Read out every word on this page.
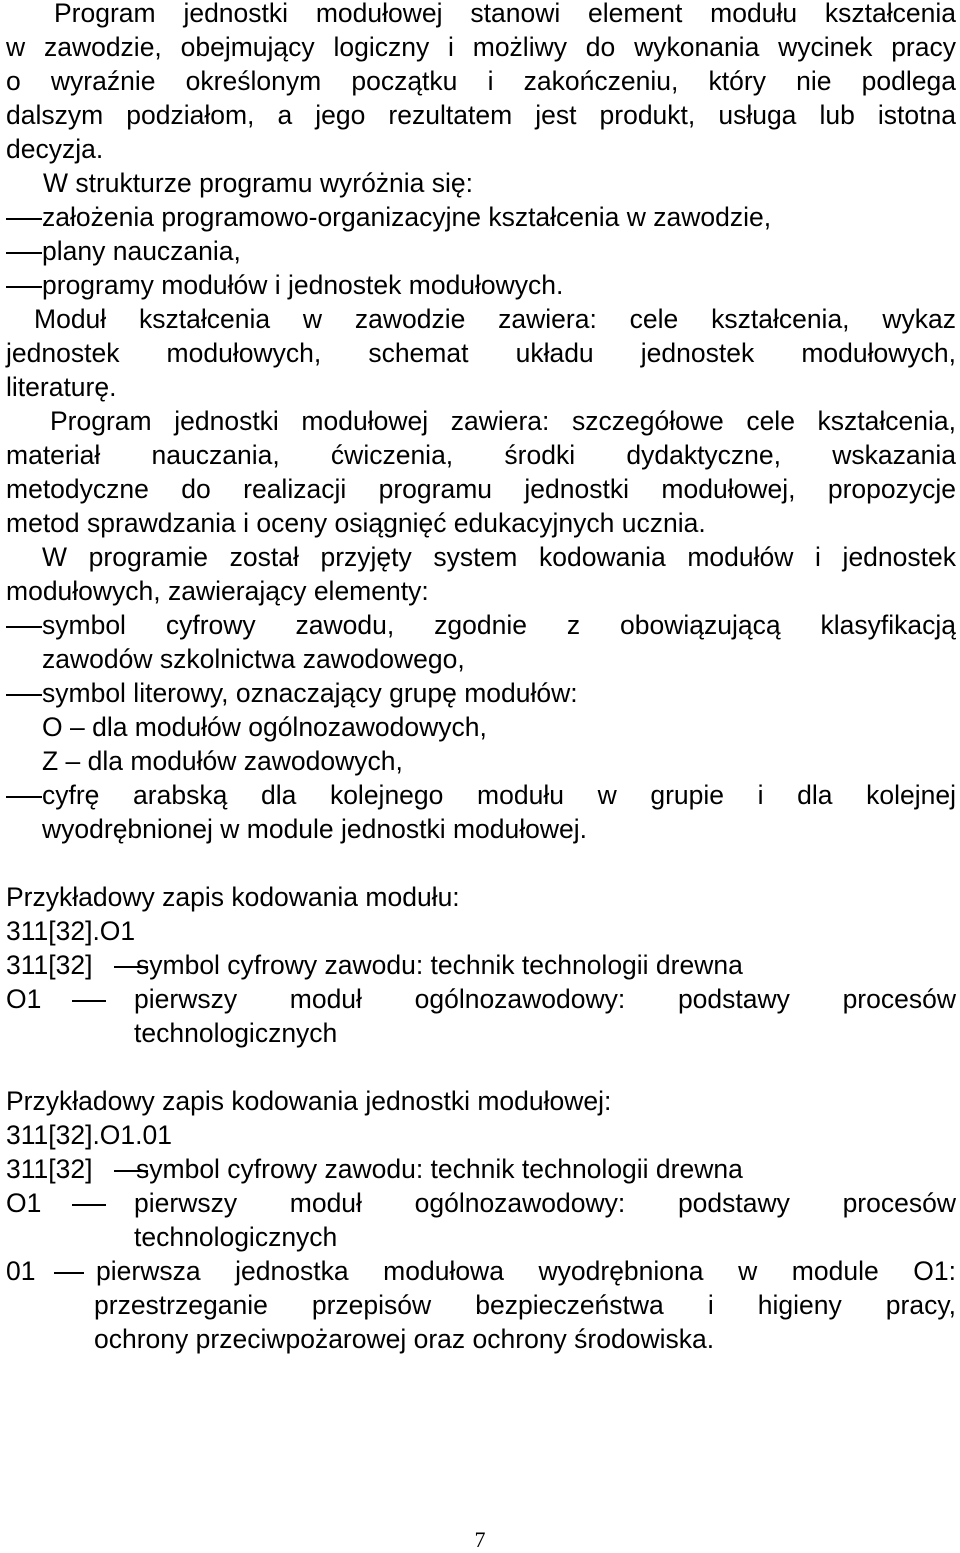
Program jednostki modułowej stanowi element modułu kształcenia
w zawodzie, obejmujący logiczny i możliwy do wykonania wycinek pracy
o wyraźnie określonym początku i zakończeniu, który nie podlega
dalszym podziałom, a jego rezultatem jest produkt, usługa lub istotna
decyzja.
W strukturze programu wyróżnia się:
założenia programowo-organizacyjne kształcenia w zawodzie,
plany nauczania,
programy modułów i jednostek modułowych.
Moduł kształcenia w zawodzie zawiera: cele kształcenia, wykaz
jednostek modułowych, schemat układu jednostek modułowych,
literaturę.
Program jednostki modułowej zawiera: szczegółowe cele kształcenia,
materiał nauczania, ćwiczenia, środki dydaktyczne, wskazania
metodyczne do realizacji programu jednostki modułowej, propozycje
metod sprawdzania i oceny osiągnięć edukacyjnych ucznia.
W programie został przyjęty system kodowania modułów i jednostek
modułowych, zawierający elementy:
symbol cyfrowy zawodu, zgodnie z obowiązującą klasyfikacją
zawodów szkolnictwa zawodowego,
symbol literowy, oznaczający grupę modułów:
O – dla modułów ogólnozawodowych,
Z – dla modułów zawodowych,
cyfrę arabską dla kolejnego modułu w grupie i dla kolejnej
wyodrębnionej w module jednostki modułowej.
Przykładowy zapis kodowania modułu:
311[32].O1
311[32] symbol cyfrowy zawodu: technik technologii drewna
O1	pierwszy moduł ogólnozawodowy: podstawy procesów
technologicznych
Przykładowy zapis kodowania jednostki modułowej:
311[32].O1.01
311[32] symbol cyfrowy zawodu: technik technologii drewna
O1	pierwszy moduł ogólnozawodowy: podstawy procesów
technologicznych
01 pierwsza jednostka modułowa wyodrębniona w module O1:
przestrzeganie przepisów bezpieczeństwa i higieny pracy,
ochrony przeciwpożarowej oraz ochrony środowiska.
7
